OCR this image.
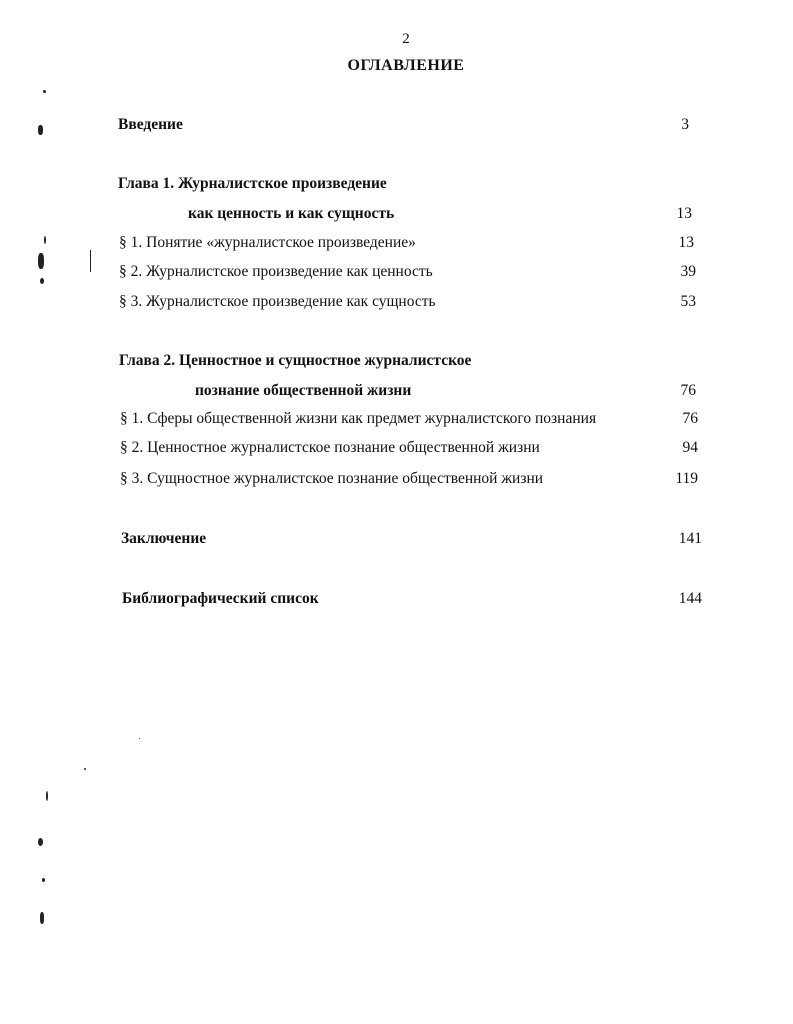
2
ОГЛАВЛЕНИЕ
Введение	3
Глава 1. Журналистское произведение
как ценность и как сущность	13
§ 1. Понятие «журналистское произведение»	13
§ 2. Журналистское произведение как ценность	39
§ 3. Журналистское произведение как сущность	53
Глава 2. Ценностное и сущностное журналистское
познание общественной жизни	76
§ 1. Сферы общественной жизни как предмет журналистского познания	76
§ 2. Ценностное журналистское познание общественной жизни	94
§ 3. Сущностное журналистское познание общественной жизни	119
Заключение	141
Библиографический список	144
